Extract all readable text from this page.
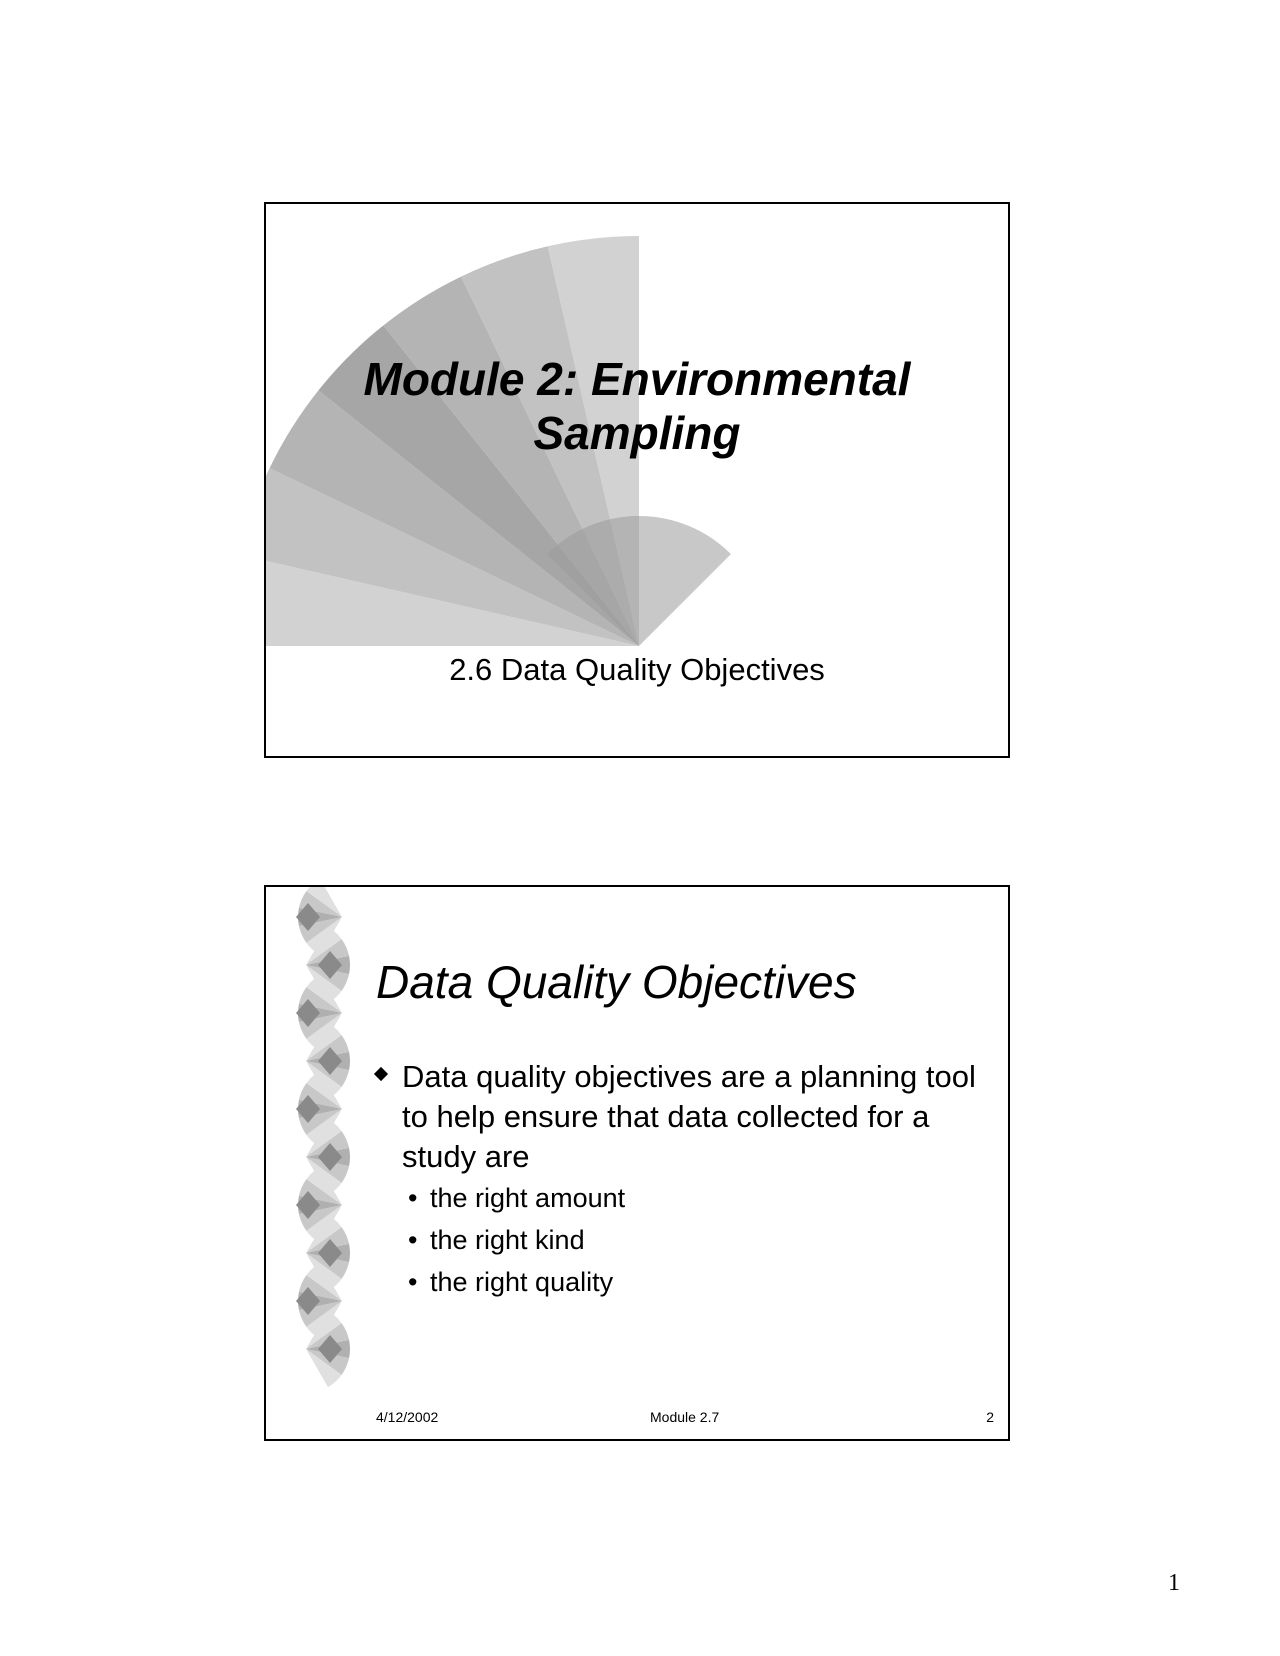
Module 2: Environmental
Sampling
2.6 Data Quality Objectives
Data Quality Objectives
Data quality objectives are a planning tool to help ensure that data collected for a study are
• the right amount
• the right kind
• the right quality
4/12/2002	Module 2.7	2
1
